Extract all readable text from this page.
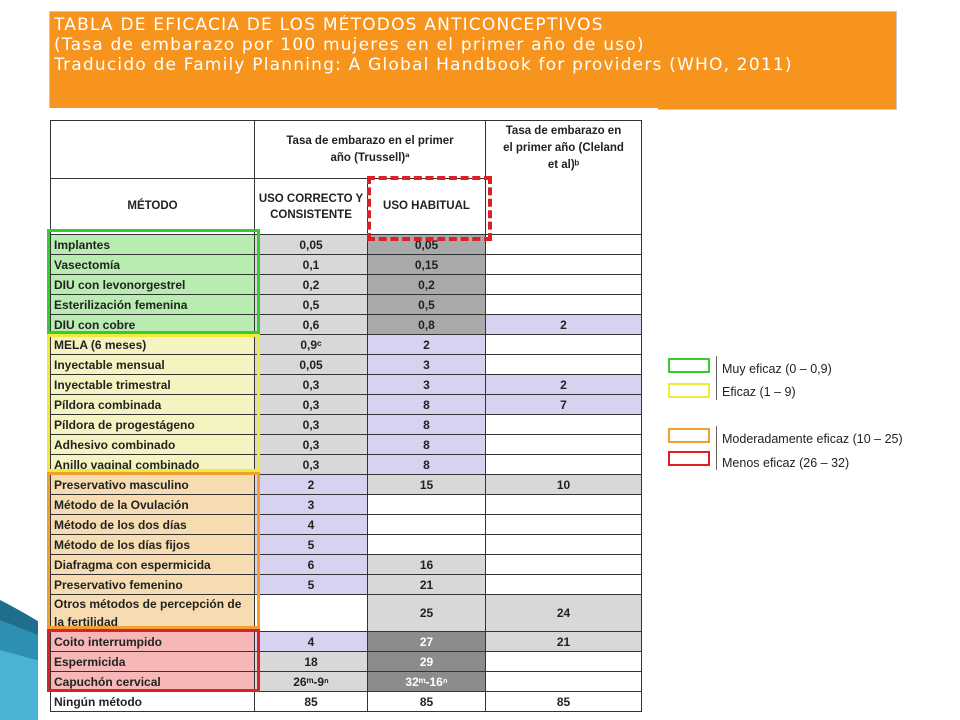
TABLA DE EFICACIA DE LOS MÉTODOS ANTICONCEPTIVOS
(Tasa de embarazo por 100 mujeres en el primer año de uso)
Traducido de Family Planning: A Global Handbook for providers (WHO, 2011)
	Tasa de embarazo en el primer año (Trussell)ª		Tasa de embarazo en el primer año (Cleland et al)ᵇ
MÉTODO	USO CORRECTO Y CONSISTENTE	USO HABITUAL	
Implantes	0,05	0,05	
Vasectomía	0,1	0,15	
DIU con levonorgestrel	0,2	0,2	
Esterilización femenina	0,5	0,5	
DIU con cobre	0,6	0,8	2
MELA (6 meses)	0,9ᶜ	2	
Inyectable mensual	0,05	3	
Inyectable trimestral	0,3	3	2
Píldora combinada	0,3	8	7
Píldora de progestágeno	0,3	8	
Adhesivo combinado	0,3	8	
Anillo vaginal combinado	0,3	8	
Preservativo masculino	2	15	10
Método de la Ovulación	3		
Método de los dos días	4		
Método de los días fijos	5		
Diafragma con espermicida	6	16	
Preservativo femenino	5	21	
Otros métodos de percepción de la fertilidad		25	24
Coito interrumpido	4	27	21
Espermicida	18	29	
Capuchón cervical	26ᵐ-9ⁿ	32ᵐ-16ⁿ	
Ningún método	85	85	85
Muy eficaz (0 – 0,9)
Eficaz (1 – 9)
Moderadamente eficaz (10 – 25)
Menos eficaz (26 – 32)
